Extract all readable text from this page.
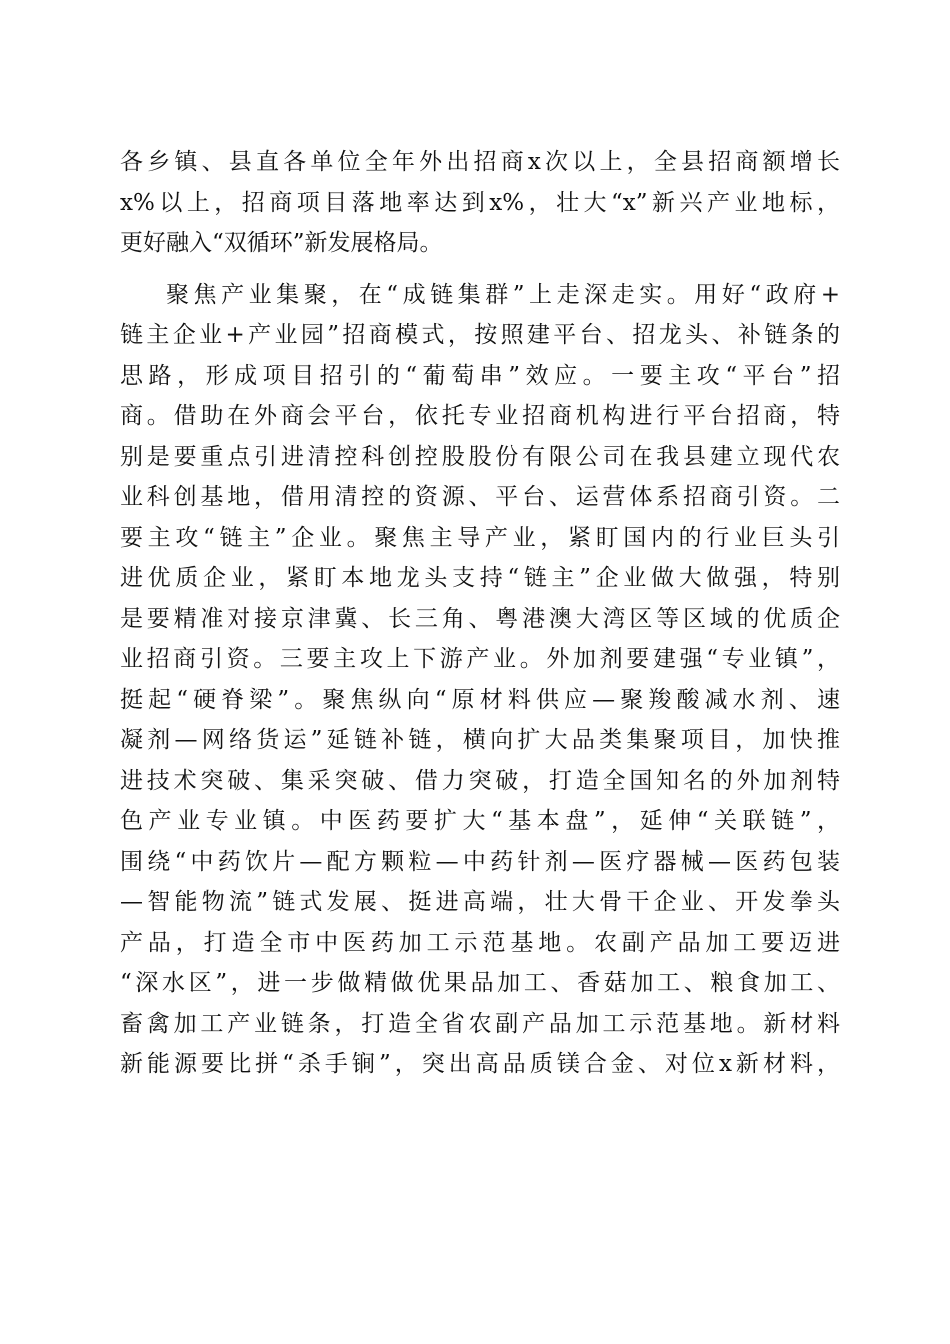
各乡镇、县直各单位全年外出招商x次以上，全县招商额增长
x%以上，招商项目落地率达到x%，壮大“x”新兴产业地标，
更好融入“双循环”新发展格局。
聚焦产业集聚，在“成链集群”上走深走实。用好“政府+
链主企业+产业园”招商模式，按照建平台、招龙头、补链条的
思路，形成项目招引的“葡萄串”效应。一要主攻“平台”招
商。借助在外商会平台，依托专业招商机构进行平台招商，特
别是要重点引进清控科创控股股份有限公司在我县建立现代农
业科创基地，借用清控的资源、平台、运营体系招商引资。二
要主攻“链主”企业。聚焦主导产业，紧盯国内的行业巨头引
进优质企业，紧盯本地龙头支持“链主”企业做大做强，特别
是要精准对接京津冀、长三角、粤港澳大湾区等区域的优质企
业招商引资。三要主攻上下游产业。外加剂要建强“专业镇”，
挺起“硬脊梁”。聚焦纵向“原材料供应—聚羧酸减水剂、速
凝剂—网络货运”延链补链，横向扩大品类集聚项目，加快推
进技术突破、集采突破、借力突破，打造全国知名的外加剂特
色产业专业镇。中医药要扩大“基本盘”，延伸“关联链”，
围绕“中药饮片—配方颗粒—中药针剂—医疗器械—医药包装
—智能物流”链式发展、挺进高端，壮大骨干企业、开发拳头
产品，打造全市中医药加工示范基地。农副产品加工要迈进
“深水区”，进一步做精做优果品加工、香菇加工、粮食加工、
畜禽加工产业链条，打造全省农副产品加工示范基地。新材料
新能源要比拼“杀手锏”，突出高品质镁合金、对位x新材料，
